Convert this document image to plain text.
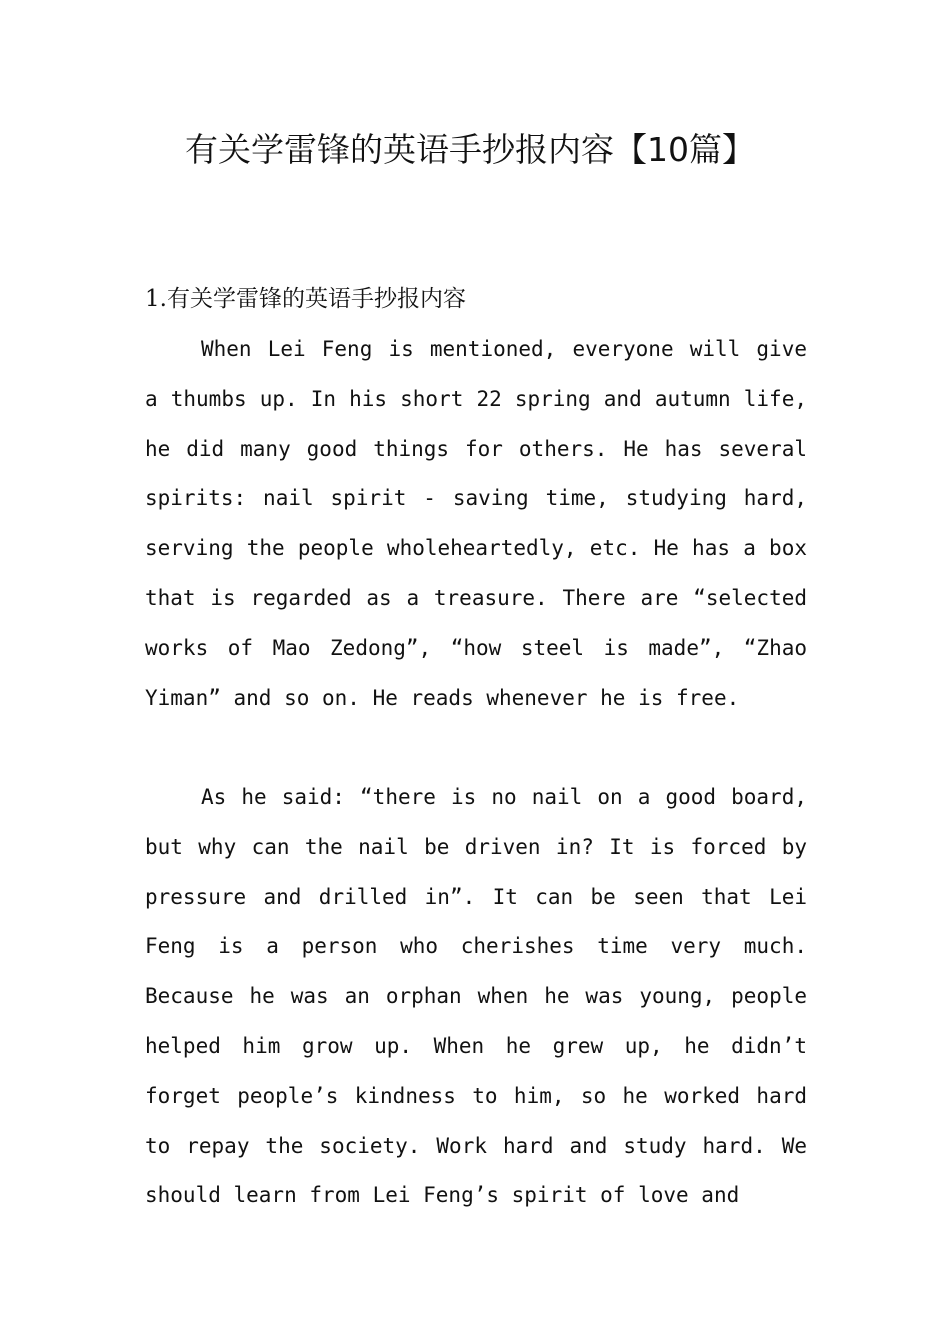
有关学雷锋的英语手抄报内容【10篇】
1.有关学雷锋的英语手抄报内容

When Lei Feng is mentioned, everyone will give a thumbs up. In his short 22 spring and autumn life, he did many good things for others. He has several spirits: nail spirit - saving time, studying hard, serving the people wholeheartedly, etc. He has a box that is regarded as a treasure. There are “selected works of Mao Zedong”, “how steel is made”, “Zhao Yiman” and so on. He reads whenever he is free.

As he said: “there is no nail on a good board, but why can the nail be driven in? It is forced by pressure and drilled in”. It can be seen that Lei Feng is a person who cherishes time very much. Because he was an orphan when he was young, people helped him grow up. When he grew up, he didn’t forget people’s kindness to him, so he worked hard to repay the society. Work hard and study hard. We should learn from Lei Feng’s spirit of love and
